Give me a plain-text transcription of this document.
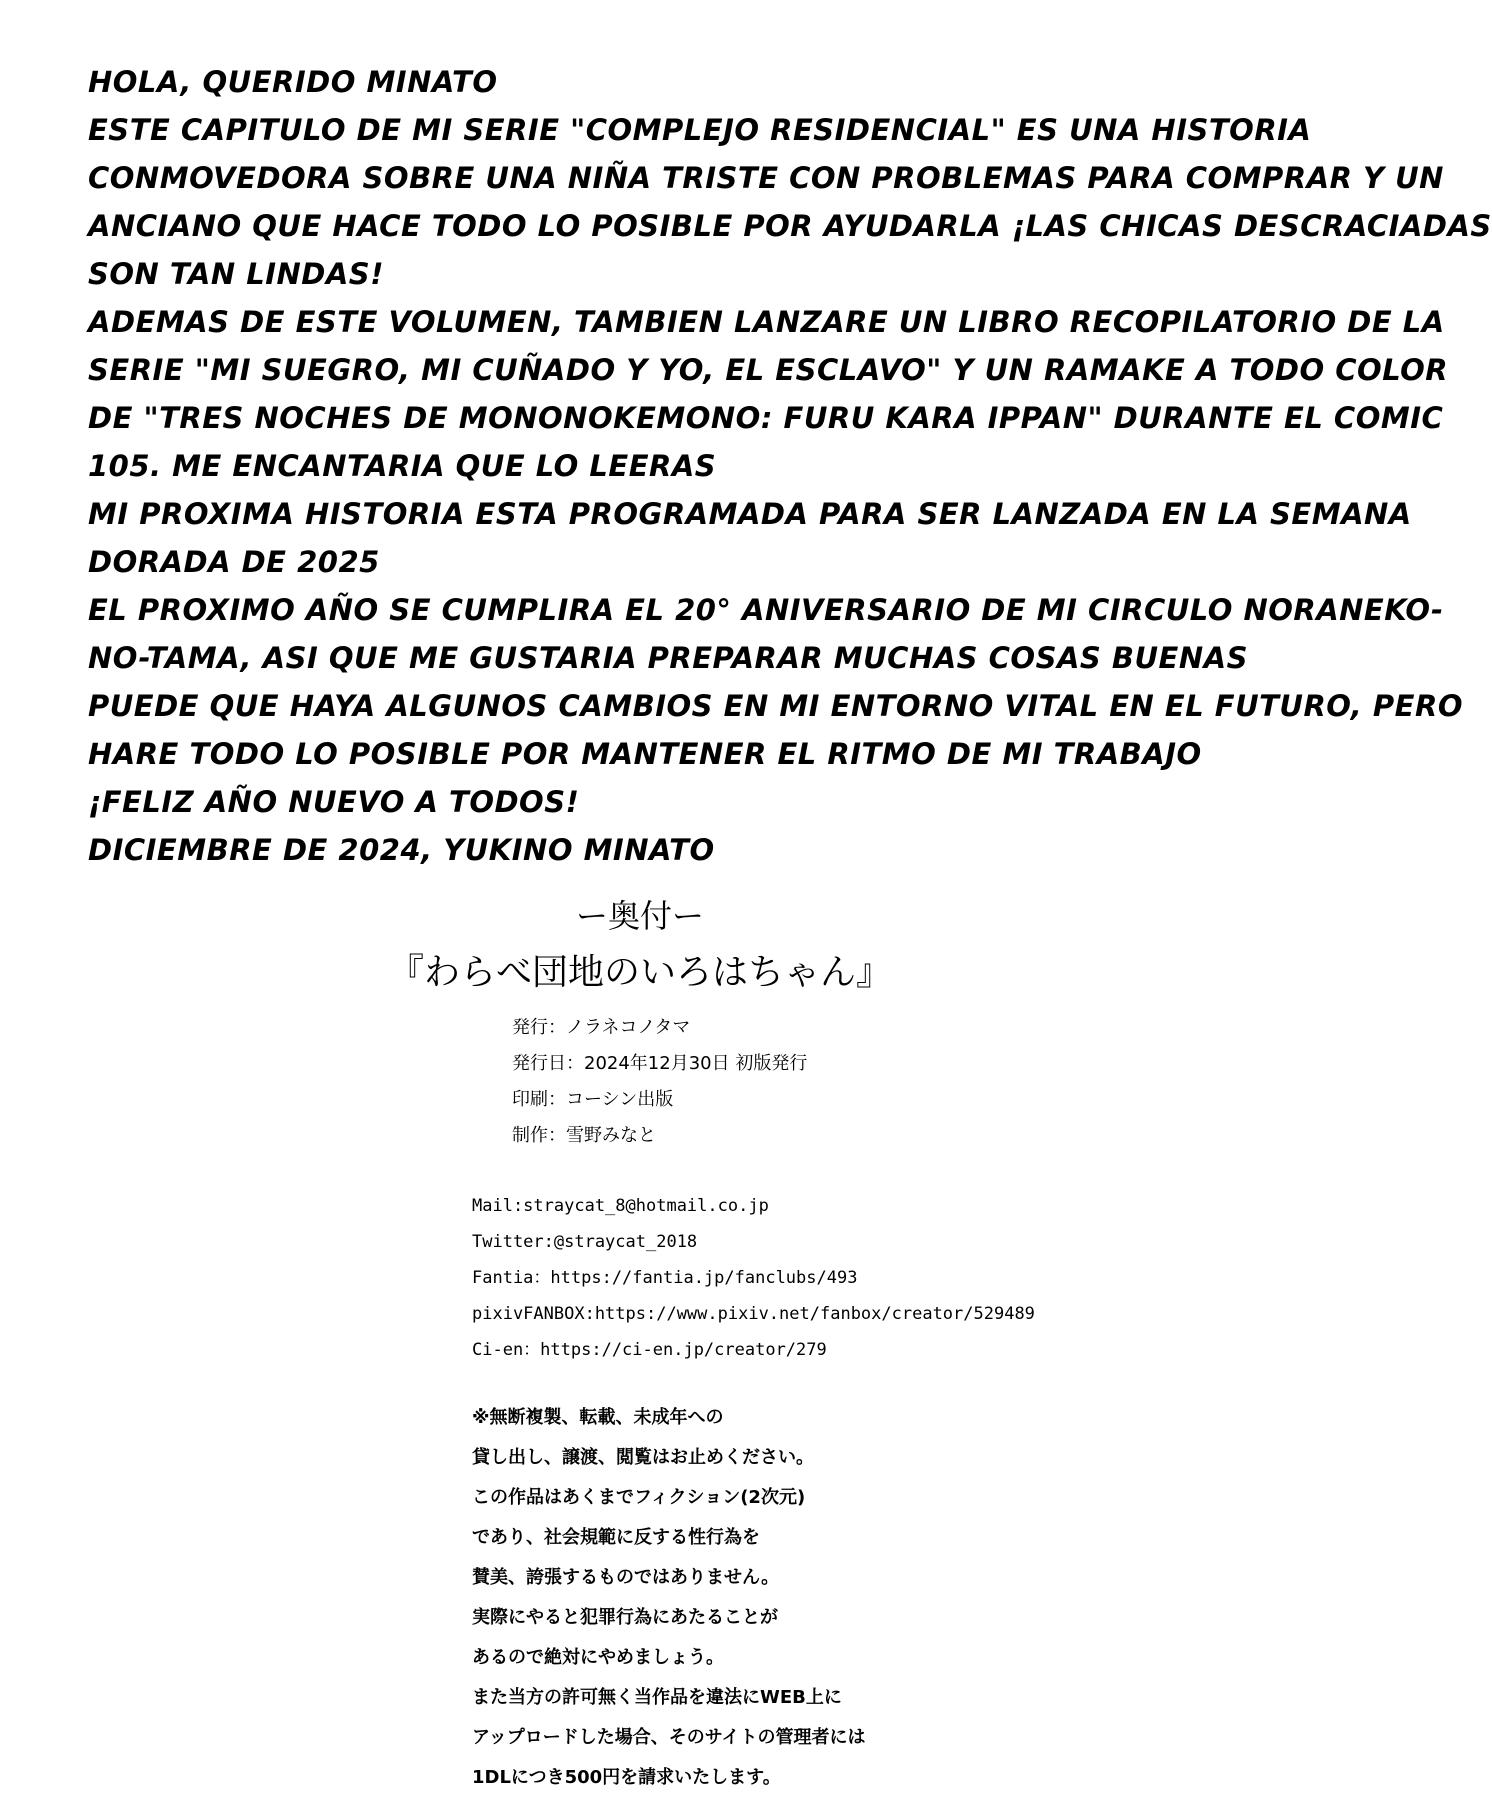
HOLA, QUERIDO MINATO
ESTE CAPITULO DE MI SERIE "COMPLEJO RESIDENCIAL" ES UNA HISTORIA
CONMOVEDORA SOBRE UNA NIÑA TRISTE CON PROBLEMAS PARA COMPRAR Y UN
ANCIANO QUE HACE TODO LO POSIBLE POR AYUDARLA ¡LAS CHICAS DESCRACIADAS
SON TAN LINDAS!
ADEMAS DE ESTE VOLUMEN, TAMBIEN LANZARE UN LIBRO RECOPILATORIO DE LA
SERIE "MI SUEGRO, MI CUÑADO Y YO, EL ESCLAVO" Y UN RAMAKE A TODO COLOR
DE "TRES NOCHES DE MONONOKEMONO: FURU KARA IPPAN" DURANTE EL COMIC
105. ME ENCANTARIA QUE LO LEERAS
MI PROXIMA HISTORIA ESTA PROGRAMADA PARA SER LANZADA EN LA SEMANA
DORADA DE 2025
EL PROXIMO AÑO SE CUMPLIRA EL 20° ANIVERSARIO DE MI CIRCULO NORANEKO-
NO-TAMA, ASI QUE ME GUSTARIA PREPARAR MUCHAS COSAS BUENAS
PUEDE QUE HAYA ALGUNOS CAMBIOS EN MI ENTORNO VITAL EN EL FUTURO, PERO
HARE TODO LO POSIBLE POR MANTENER EL RITMO DE MI TRABAJO
¡FELIZ AÑO NUEVO A TODOS!
DICIEMBRE DE 2024, YUKINO MINATO
ー奥付ー
『わらべ団地のいろはちゃん』
発行：ノラネコノタマ
発行日：2024年12月30日 初版発行
印刷：コーシン出版
制作：雪野みなと
Mail:straycat_8@hotmail.co.jp
Twitter:@straycat_2018
Fantia：https://fantia.jp/fanclubs/493
pixivFANBOX:https://www.pixiv.net/fanbox/creator/529489
Ci-en：https://ci-en.jp/creator/279
※無断複製、転載、未成年への
貸し出し、譲渡、閲覧はお止めください。
この作品はあくまでフィクション(2次元)
であり、社会規範に反する性行為を
賛美、誇張するものではありません。
実際にやると犯罪行為にあたることが
あるので絶対にやめましょう。
また当方の許可無く当作品を違法にWEB上に
アップロードした場合、そのサイトの管理者には
1DLにつき500円を請求いたします。
